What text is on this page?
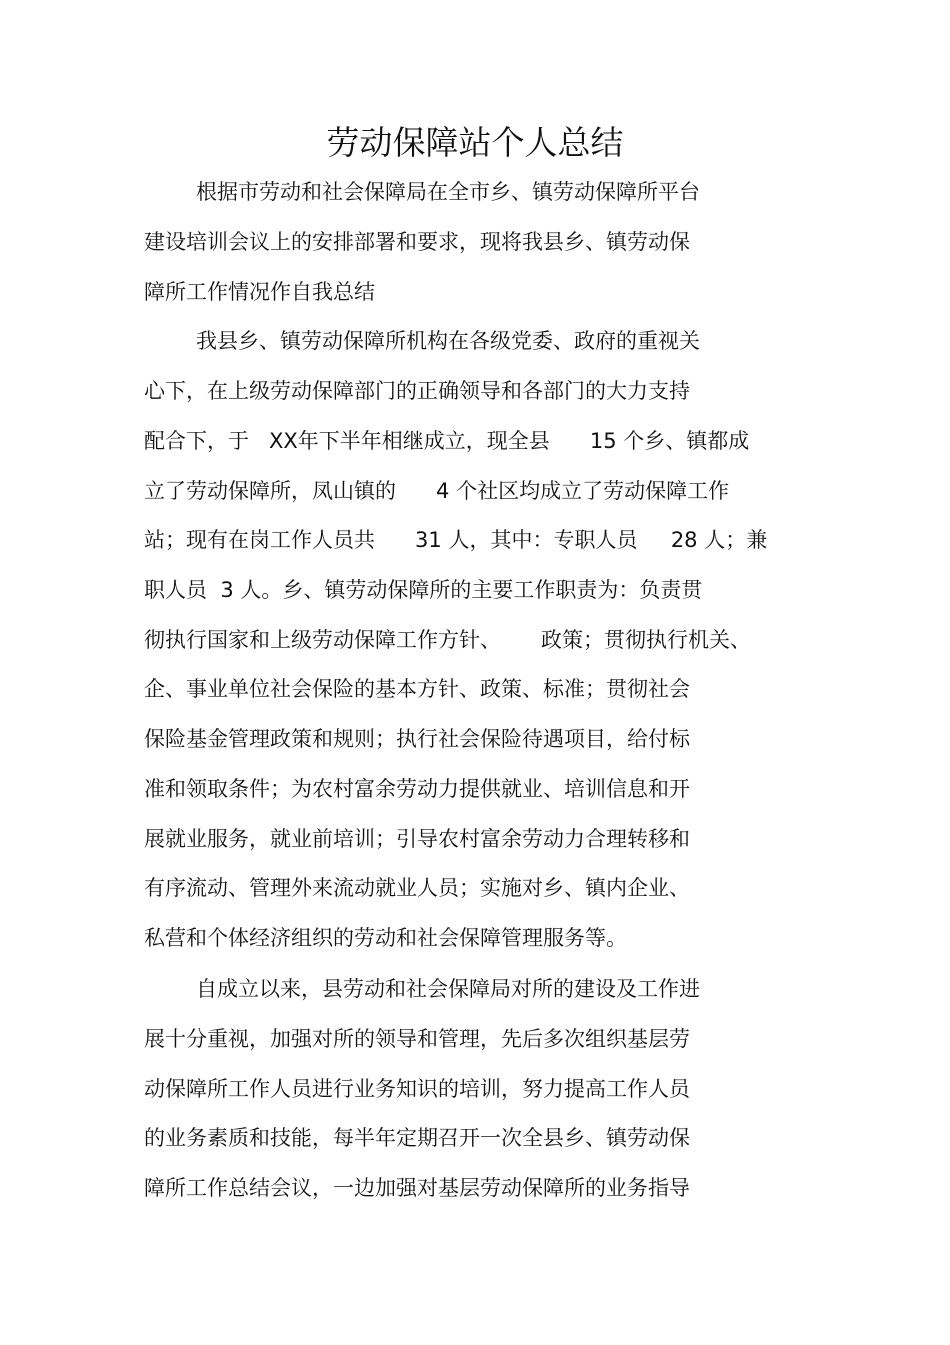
劳动保障站个人总结
根据市劳动和社会保障局在全市乡、镇劳动保障所平台
建设培训会议上的安排部署和要求，现将我县乡、镇劳动保
障所工作情况作自我总结
我县乡、镇劳动保障所机构在各级党委、政府的重视关
心下，在上级劳动保障部门的正确领导和各部门的大力支持
配合下，于   XX年下半年相继成立，现全县      15 个乡、镇都成
立了劳动保障所，凤山镇的      4 个社区均成立了劳动保障工作
站；现有在岗工作人员共      31 人，其中：专职人员     28 人；兼
职人员  3 人。乡、镇劳动保障所的主要工作职责为：负责贯
彻执行国家和上级劳动保障工作方针、      政策；贯彻执行机关、
企、事业单位社会保险的基本方针、政策、标准；贯彻社会
保险基金管理政策和规则；执行社会保险待遇项目，给付标
准和领取条件；为农村富余劳动力提供就业、培训信息和开
展就业服务，就业前培训；引导农村富余劳动力合理转移和
有序流动、管理外来流动就业人员；实施对乡、镇内企业、
私营和个体经济组织的劳动和社会保障管理服务等。
自成立以来，县劳动和社会保障局对所的建设及工作进
展十分重视，加强对所的领导和管理，先后多次组织基层劳
动保障所工作人员进行业务知识的培训，努力提高工作人员
的业务素质和技能，每半年定期召开一次全县乡、镇劳动保
障所工作总结会议，一边加强对基层劳动保障所的业务指导
